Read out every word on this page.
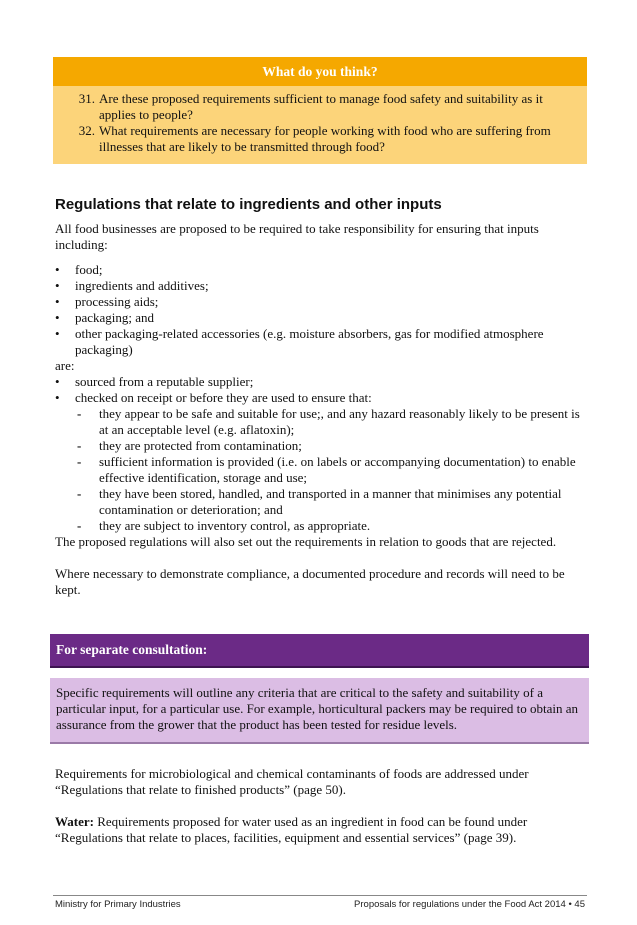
What do you think?
31. Are these proposed requirements sufficient to manage food safety and suitability as it applies to people?
32. What requirements are necessary for people working with food who are suffering from illnesses that are likely to be transmitted through food?
Regulations that relate to ingredients and other inputs

All food businesses are proposed to be required to take responsibility for ensuring that inputs including:

• food;
• ingredients and additives;
• processing aids;
• packaging; and
• other packaging-related accessories (e.g. moisture absorbers, gas for modified atmosphere packaging)

are:

• sourced from a reputable supplier;
• checked on receipt or before they are used to ensure that:
- they appear to be safe and suitable for use;, and any hazard reasonably likely to be present is at an acceptable level (e.g. aflatoxin);
- they are protected from contamination;
- sufficient information is provided (i.e. on labels or accompanying documentation) to enable effective identification, storage and use;
- they have been stored, handled, and transported in a manner that minimises any potential contamination or deterioration; and
- they are subject to inventory control, as appropriate.

The proposed regulations will also set out the requirements in relation to goods that are rejected.

Where necessary to demonstrate compliance, a documented procedure and records will need to be kept.

For separate consultation:
Specific requirements will outline any criteria that are critical to the safety and suitability of a particular input, for a particular use. For example, horticultural packers may be required to obtain an assurance from the grower that the product has been tested for residue levels.

Requirements for microbiological and chemical contaminants of foods are addressed under “Regulations that relate to finished products” (page 50).

Water: Requirements proposed for water used as an ingredient in food can be found under “Regulations that relate to places, facilities, equipment and essential services” (page 39).

Ministry for Primary Industries	Proposals for regulations under the Food Act 2014 • 45
